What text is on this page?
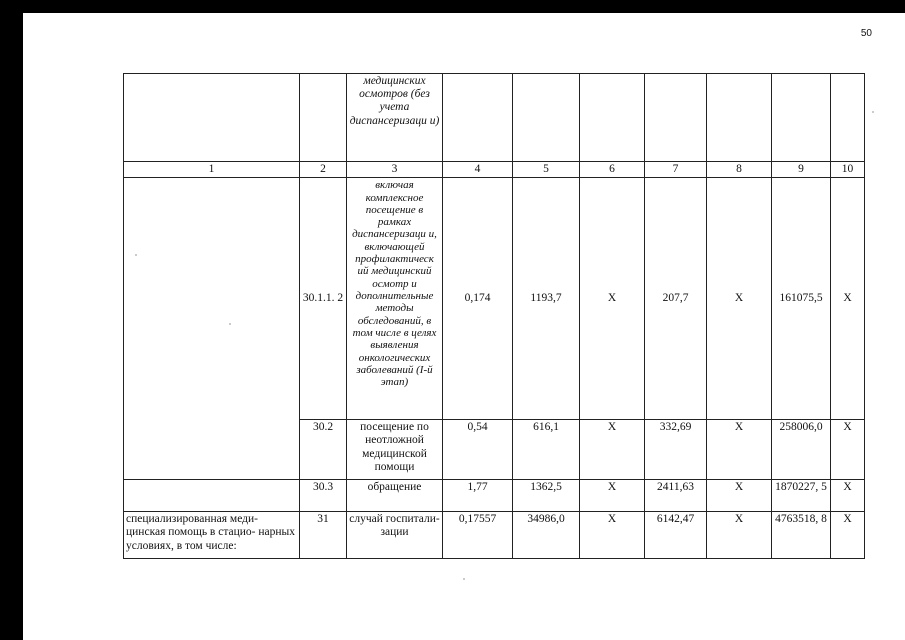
50
		медицинских осмотров (без учета диспансеризаци и)							
1	2	3	4	5	6	7	8	9	10
	30.1.1. 2	включая комплексное посещение в рамках диспансеризаци и, включающей профилактическ ий медицинский осмотр и дополнительные методы обследований, в том числе в целях выявления онкологических заболеваний (I-й этап)	0,174	1193,7	Х	207,7	Х	161075,5	Х
	30.2	посещение по неотложной медицинской помощи	0,54	616,1	Х	332,69	Х	258006,0	Х
	30.3	обращение	1,77	1362,5	Х	2411,63	Х	1870227, 5	Х
специализированная меди- цинская помощь в стацио- нарных условиях, в том числе:	31	случай госпитали- зации	0,17557	34986,0	Х	6142,47	Х	4763518, 8	Х
